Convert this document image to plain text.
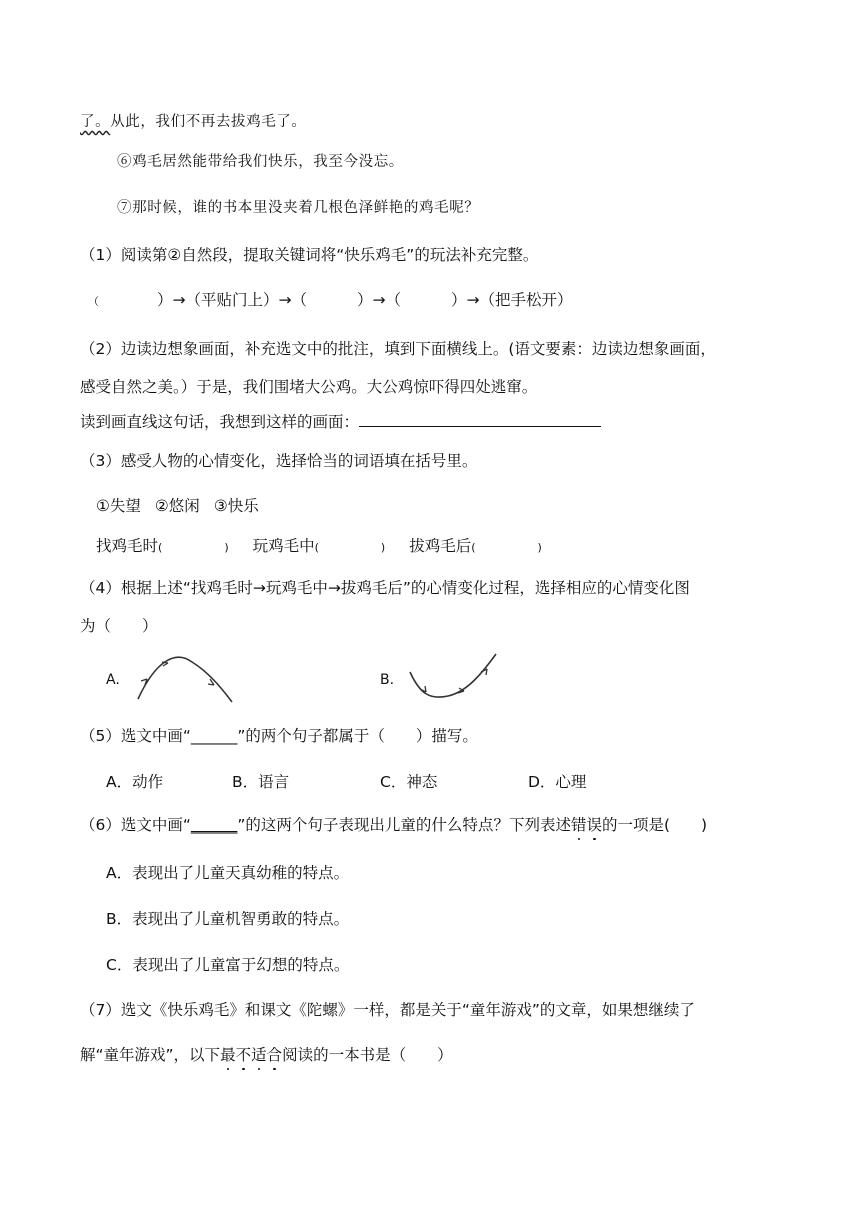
了。从此，我们不再去拔鸡毛了。
⑥鸡毛居然能带给我们快乐，我至今没忘。
⑦那时候，谁的书本里没夹着几根色泽鲜艳的鸡毛呢？
（1）阅读第②自然段，提取关键词将“快乐鸡毛”的玩法补充完整。
（	）→（平贴门上）→（	）→（	）→（把手松开）
（2）边读边想象画面，补充选文中的批注，填到下面横线上。(语文要素：边读边想象画面，
感受自然之美。）于是，我们围堵大公鸡。大公鸡惊吓得四处逃窜。
读到画直线这句话，我想到这样的画面：
（3）感受人物的心情变化，选择恰当的词语填在括号里。
①失望 ②悠闲 ③快乐
找鸡毛时(	) 玩鸡毛中(	) 拔鸡毛后(	)
（4）根据上述“找鸡毛时→玩鸡毛中→拔鸡毛后”的心情变化过程，选择相应的心情变化图
为（　　）
A.	B.
（5）选文中画“______”的两个句子都属于（　　）描写。
A．动作	B．语言	C．神态	D．心理
（6）选文中画“______”的这两个句子表现出儿童的什么特点？下列表述错误的一项是(　　)
A．表现出了儿童天真幼稚的特点。
B．表现出了儿童机智勇敢的特点。
C．表现出了儿童富于幻想的特点。
（7）选文《快乐鸡毛》和课文《陀螺》一样，都是关于“童年游戏”的文章，如果想继续了
解“童年游戏”，以下最不适合阅读的一本书是（　　）
